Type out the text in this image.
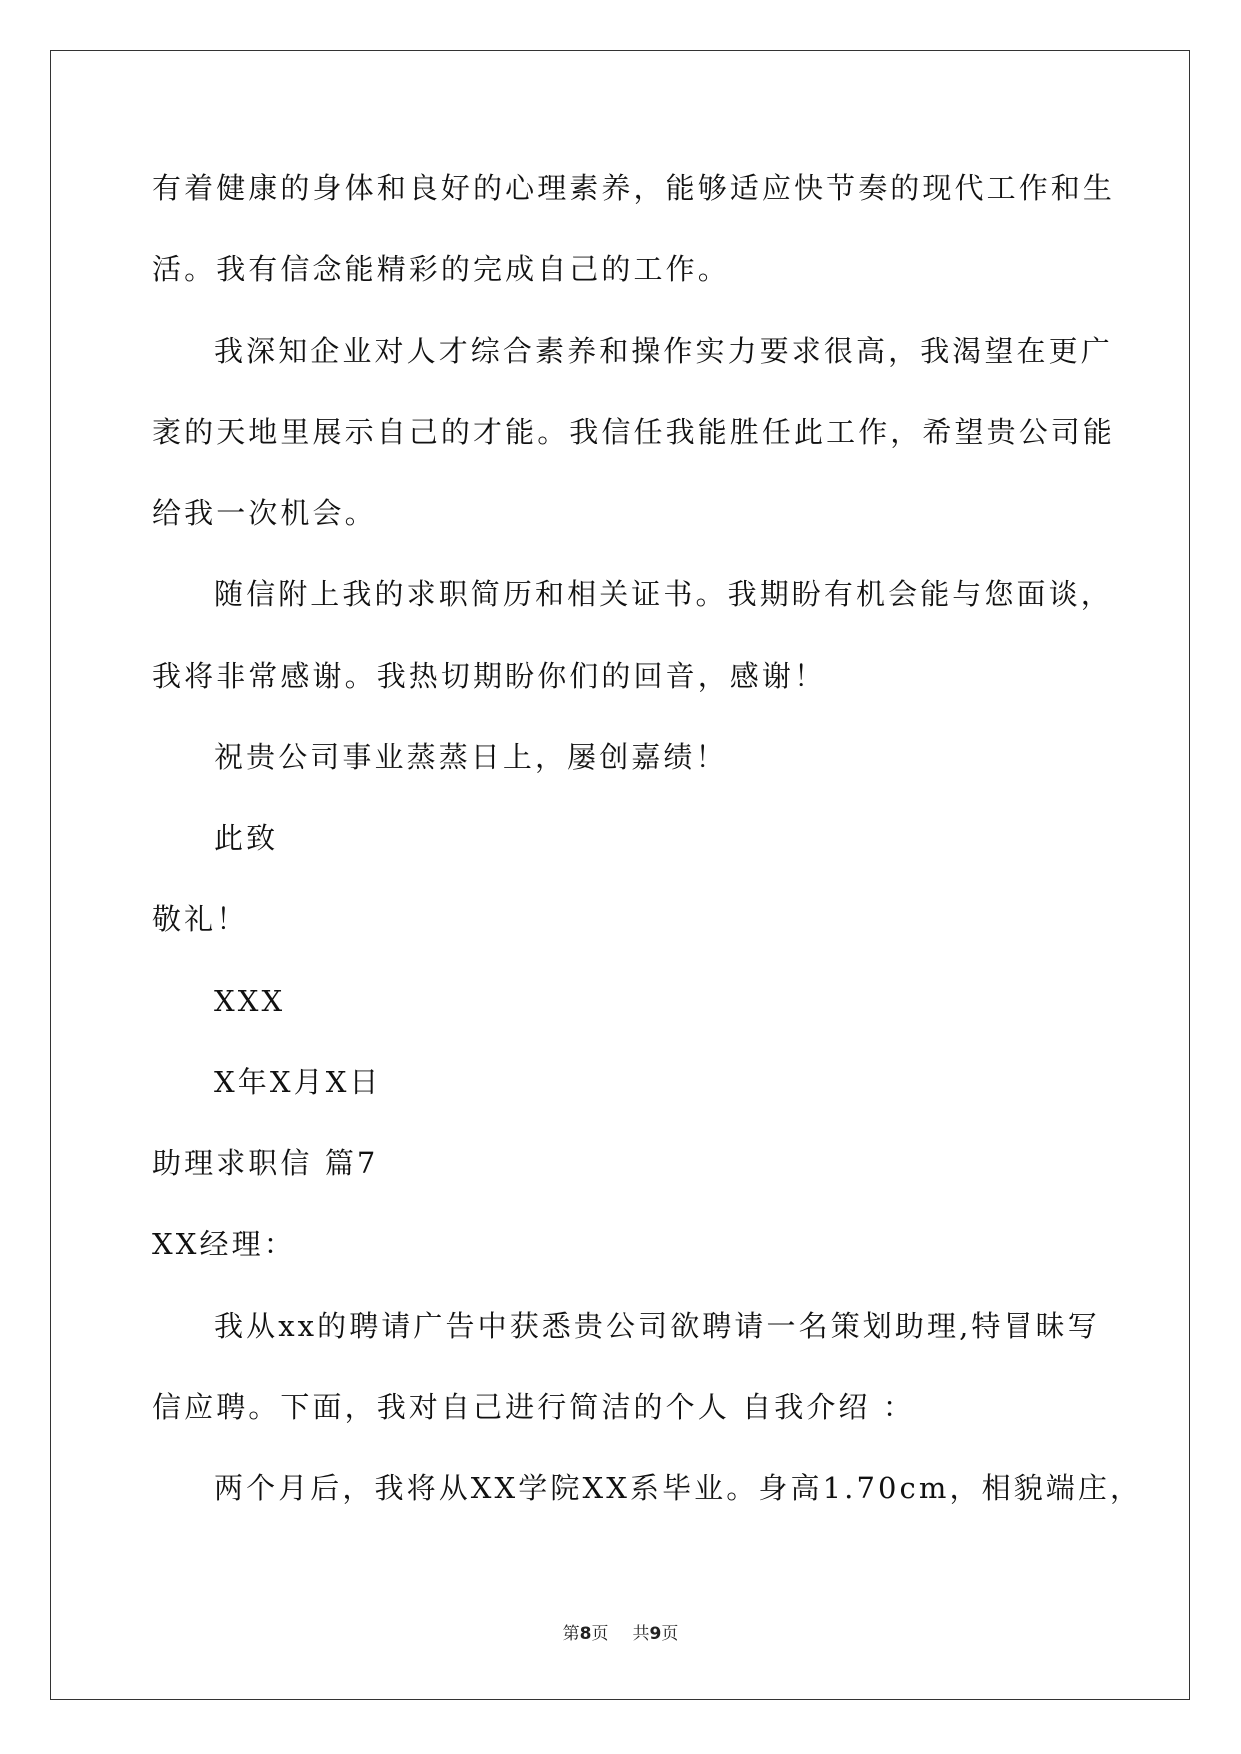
有着健康的身体和良好的心理素养，能够适应快节奏的现代工作和生
活。我有信念能精彩的完成自己的工作。
我深知企业对人才综合素养和操作实力要求很高，我渴望在更广
袤的天地里展示自己的才能。我信任我能胜任此工作，希望贵公司能
给我一次机会。
随信附上我的求职简历和相关证书。我期盼有机会能与您面谈，
我将非常感谢。我热切期盼你们的回音，感谢！
祝贵公司事业蒸蒸日上，屡创嘉绩！
此致
敬礼！
XXX
X年X月X日
助理求职信 篇7
XX经理：
我从xx的聘请广告中获悉贵公司欲聘请一名策划助理,特冒昧写
信应聘。下面，我对自己进行简洁的个人 自我介绍 ：
两个月后，我将从XX学院XX系毕业。身高1.70cm，相貌端庄，
第8页 共9页
